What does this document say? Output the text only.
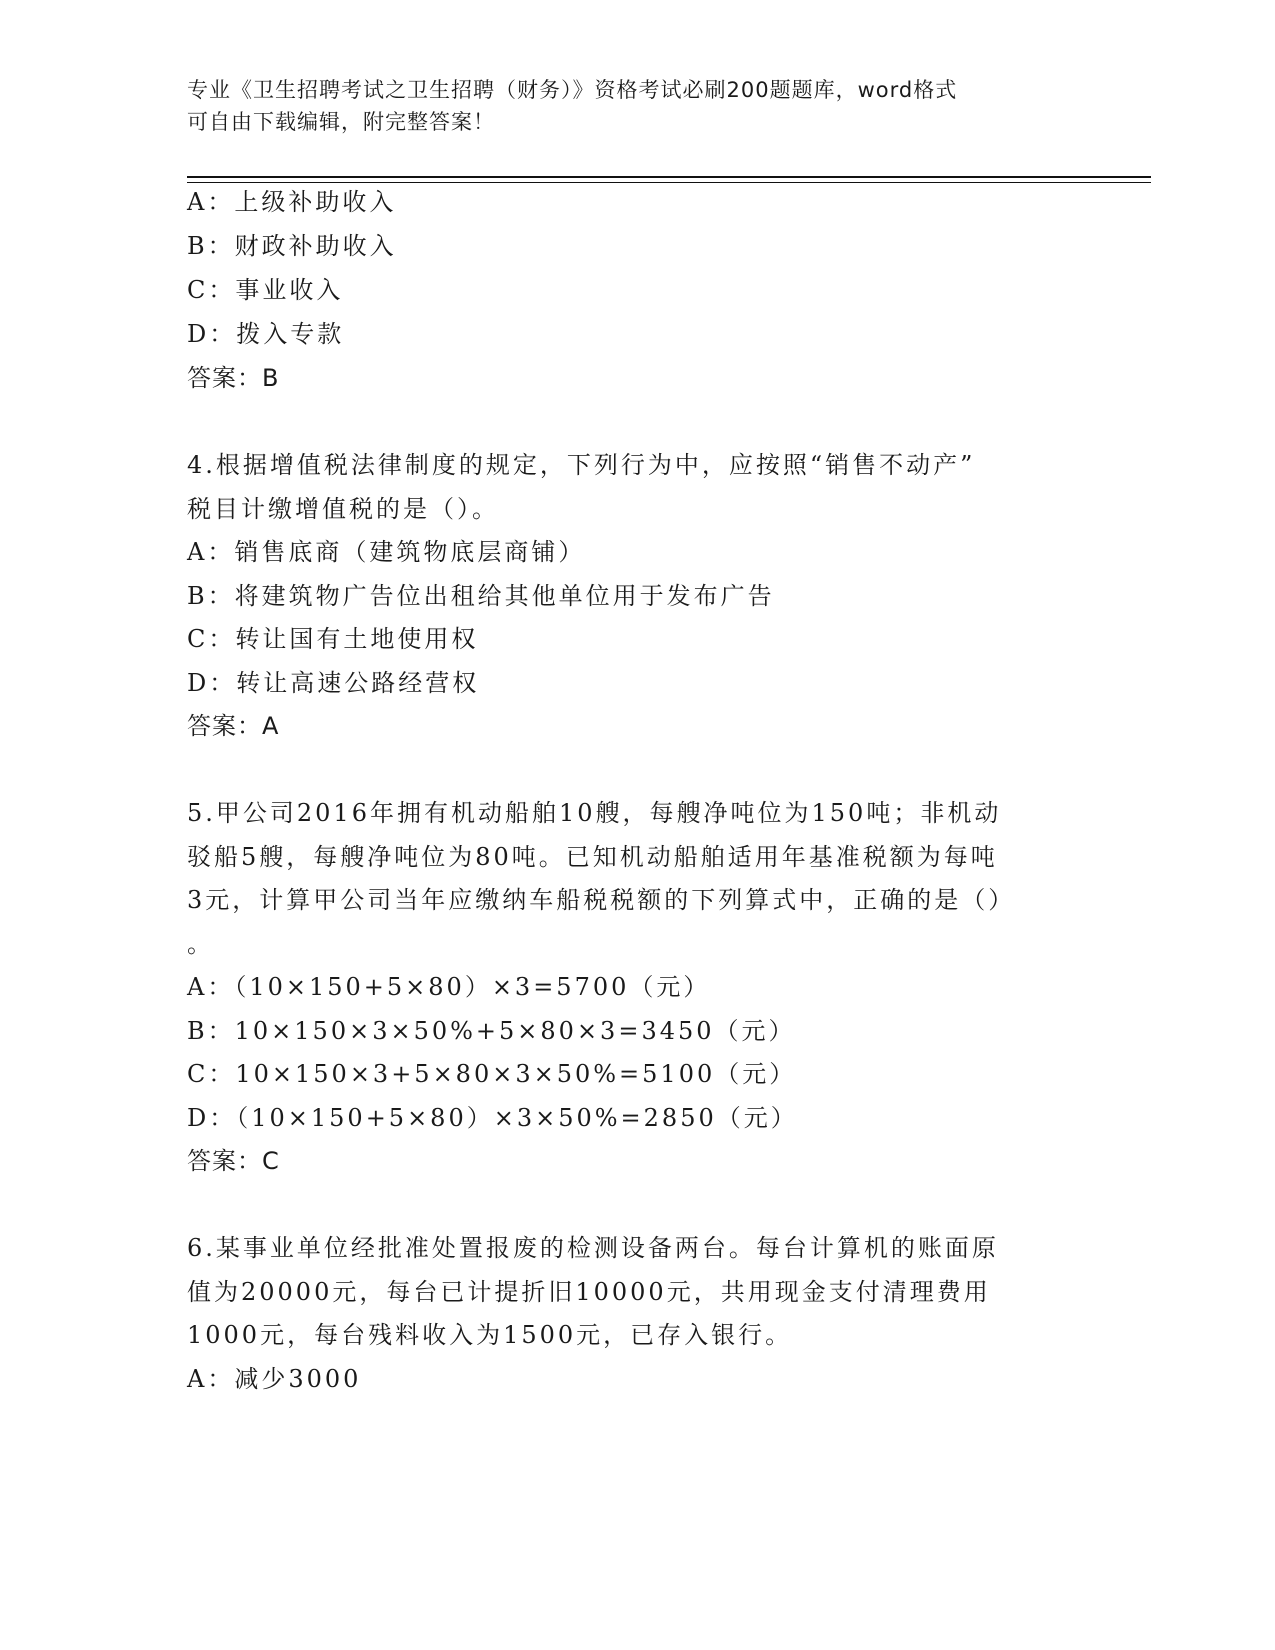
专业《卫生招聘考试之卫生招聘（财务）》资格考试必刷200题题库，word格式
可自由下载编辑，附完整答案！
A：上级补助收入
B：财政补助收入
C：事业收入
D：拨入专款
答案：B
4.根据增值税法律制度的规定，下列行为中，应按照“销售不动产”
税目计缴增值税的是（）。
A：销售底商（建筑物底层商铺）
B：将建筑物广告位出租给其他单位用于发布广告
C：转让国有土地使用权
D：转让高速公路经营权
答案：A
5.甲公司2016年拥有机动船舶10艘，每艘净吨位为150吨；非机动
驳船5艘，每艘净吨位为80吨。已知机动船舶适用年基准税额为每吨
3元，计算甲公司当年应缴纳车船税税额的下列算式中，正确的是（）
。
A：（10×150+5×80）×3=5700（元）
B：10×150×3×50%+5×80×3=3450（元）
C：10×150×3+5×80×3×50%=5100（元）
D：（10×150+5×80）×3×50%=2850（元）
答案：C
6.某事业单位经批准处置报废的检测设备两台。每台计算机的账面原
值为20000元，每台已计提折旧10000元，共用现金支付清理费用
1000元，每台残料收入为1500元，已存入银行。
A：减少3000
